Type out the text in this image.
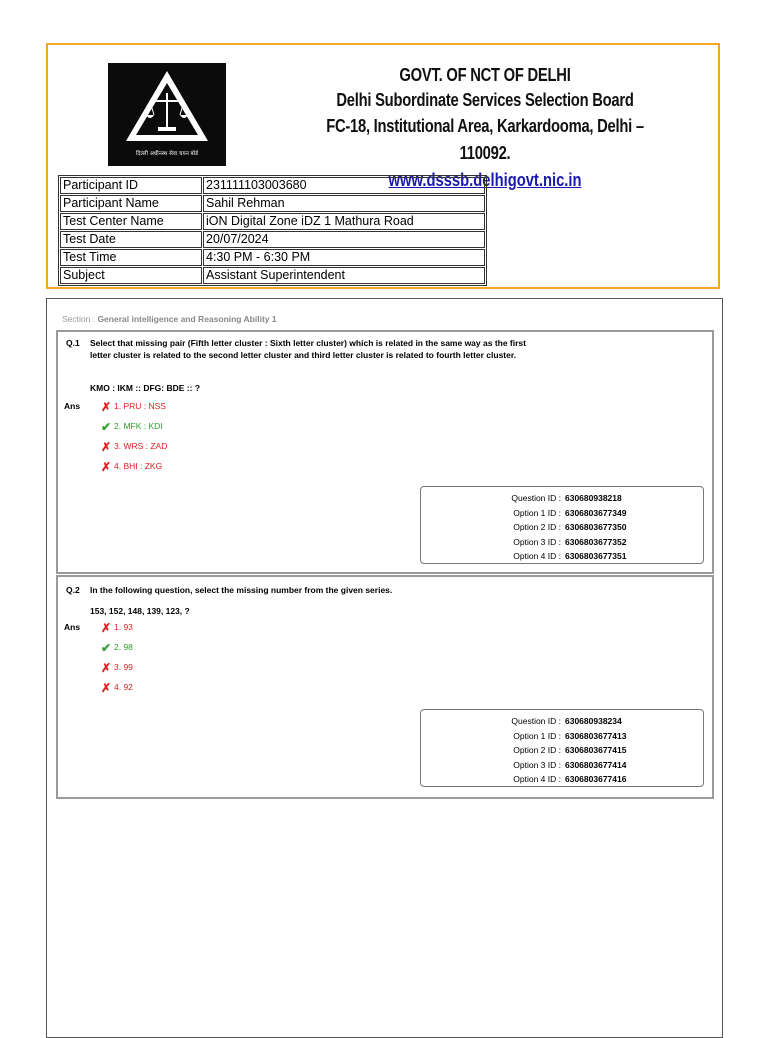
दिल्ली अधीनस्थ सेवा चयन बोर्ड
GOVT. OF NCT OF DELHI
Delhi Subordinate Services Selection Board
FC-18, Institutional Area, Karkardooma, Delhi – 110092.
www.dsssb.delhigovt.nic.in
Participant ID	231111103003680
Participant Name	Sahil Rehman
Test Center Name	iON Digital Zone iDZ 1 Mathura Road
Test Date	20/07/2024
Test Time	4:30 PM - 6:30 PM
Subject	Assistant Superintendent
Section : General intelligence and Reasoning Ability 1
Q.1 Select that missing pair (Fifth letter cluster : Sixth letter cluster) which is related in the same way as the first letter cluster is related to the second letter cluster and third letter cluster is related to fourth letter cluster.
KMO : IKM :: DFG: BDE :: ?
Ans ✗ 1. PRU : NSS
✔ 2. MFK : KDI
✗ 3. WRS : ZAD
✗ 4. BHI : ZKG
Question ID : 630680938218
Option 1 ID : 6306803677349
Option 2 ID : 6306803677350
Option 3 ID : 6306803677352
Option 4 ID : 6306803677351
Q.2 In the following question, select the missing number from the given series.
153, 152, 148, 139, 123, ?
Ans ✗ 1. 93
✔ 2. 98
✗ 3. 99
✗ 4. 92
Question ID : 630680938234
Option 1 ID : 6306803677413
Option 2 ID : 6306803677415
Option 3 ID : 6306803677414
Option 4 ID : 6306803677416
